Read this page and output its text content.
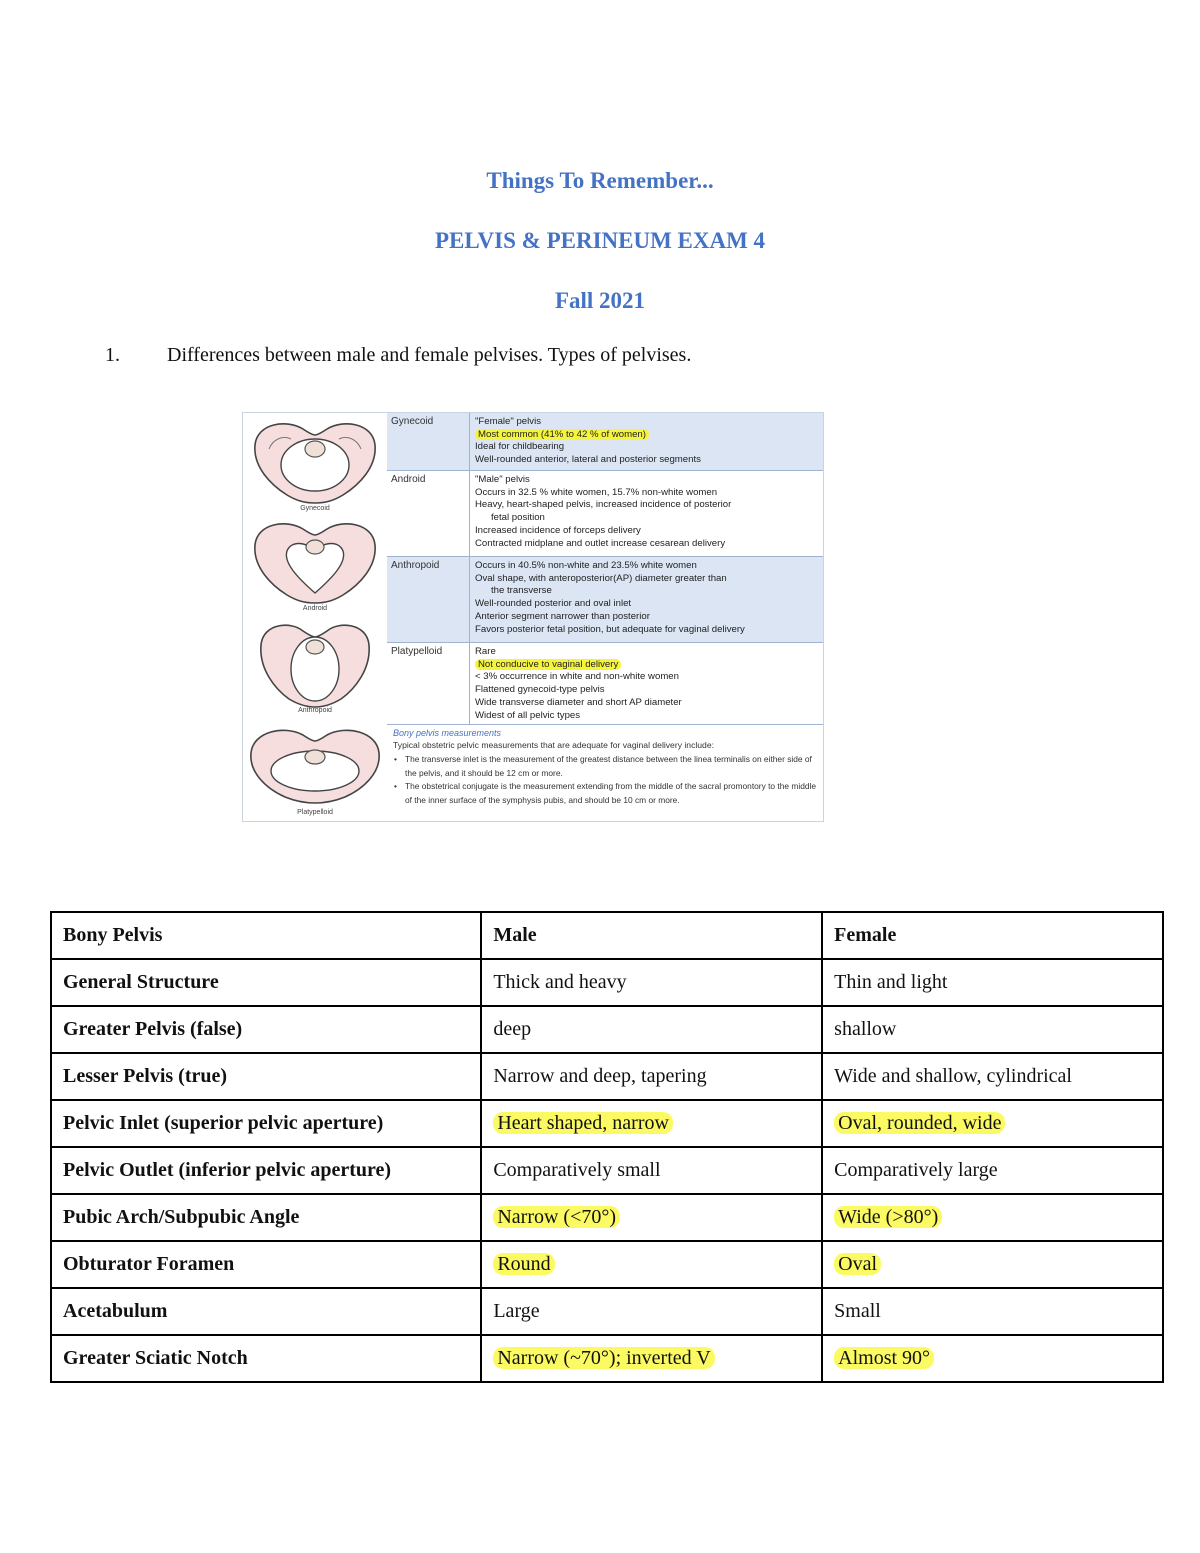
Things To Remember...
PELVIS & PERINEUM EXAM 4
Fall 2021
1. Differences between male and female pelvises. Types of pelvises.
Gynecoid
Android
Anthropoid
Platypelloid
Gynecoid	"Female" pelvis
Most common (41% to 42 % of women)
Ideal for childbearing
Well-rounded anterior, lateral and posterior segments
Android	"Male" pelvis
Occurs in 32.5 % white women, 15.7% non-white women
Heavy, heart-shaped pelvis, increased incidence of posterior
fetal position
Increased incidence of forceps delivery
Contracted midplane and outlet increase cesarean delivery
Anthropoid	Occurs in 40.5% non-white and 23.5% white women
Oval shape, with anteroposterior(AP) diameter greater than
the transverse
Well-rounded posterior and oval inlet
Anterior segment narrower than posterior
Favors posterior fetal position, but adequate for vaginal delivery
Platypelloid	Rare
Not conducive to vaginal delivery
< 3% occurrence in white and non-white women
Flattened gynecoid-type pelvis
Wide transverse diameter and short AP diameter
Widest of all pelvic types
Bony pelvis measurements
Typical obstetric pelvic measurements that are adequate for vaginal delivery include:
• The transverse inlet is the measurement of the greatest distance between the linea terminalis on either side of the pelvis, and it should be 12 cm or more.
• The obstetrical conjugate is the measurement extending from the middle of the sacral promontory to the middle of the inner surface of the symphysis pubis, and should be 10 cm or more.
Bony Pelvis	Male	Female
General Structure	Thick and heavy	Thin and light
Greater Pelvis (false)	deep	shallow
Lesser Pelvis (true)	Narrow and deep, tapering	Wide and shallow, cylindrical
Pelvic Inlet (superior pelvic aperture)	Heart shaped, narrow	Oval, rounded, wide
Pelvic Outlet (inferior pelvic aperture)	Comparatively small	Comparatively large
Pubic Arch/Subpubic Angle	Narrow (<70°)	Wide (>80°)
Obturator Foramen	Round	Oval
Acetabulum	Large	Small
Greater Sciatic Notch	Narrow (~70°); inverted V	Almost 90°
